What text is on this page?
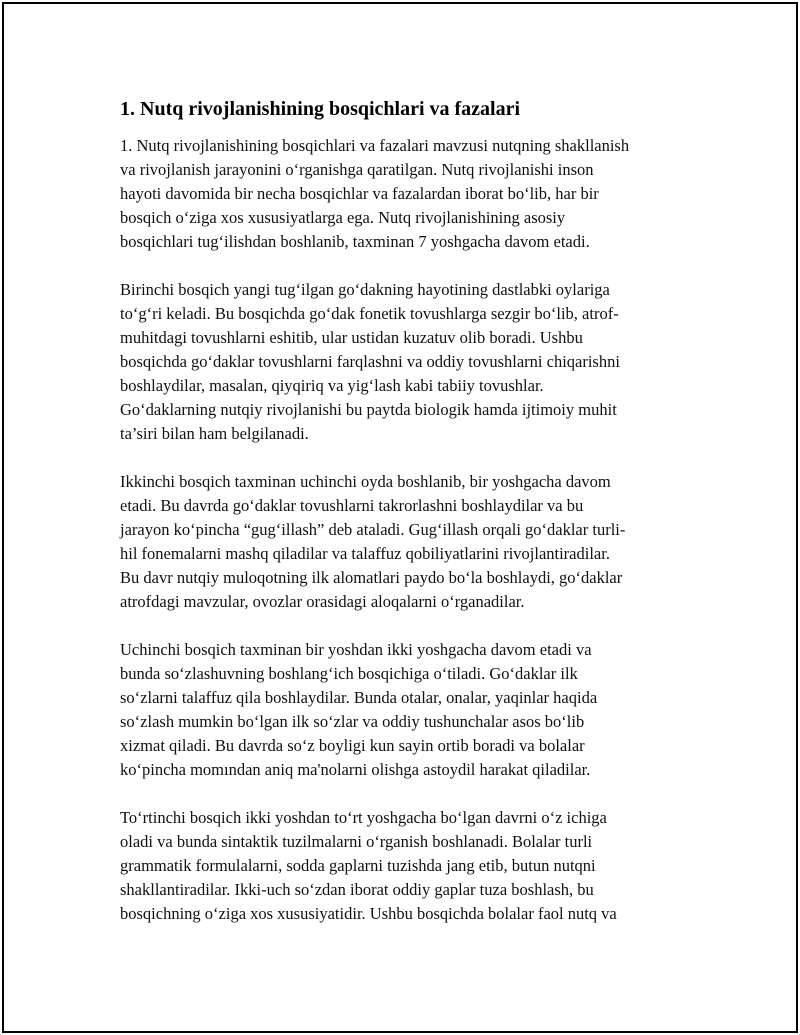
1. Nutq rivojlanishining bosqichlari va fazalari

1. Nutq rivojlanishining bosqichlari va fazalari mavzusi nutqning shakllanish
va rivojlanish jarayonini o‘rganishga qaratilgan. Nutq rivojlanishi inson
hayoti davomida bir necha bosqichlar va fazalardan iborat bo‘lib, har bir
bosqich o‘ziga xos xususiyatlarga ega. Nutq rivojlanishining asosiy
bosqichlari tug‘ilishdan boshlanib, taxminan 7 yoshgacha davom etadi.

Birinchi bosqich yangi tug‘ilgan go‘dakning hayotining dastlabki oylariga
to‘g‘ri keladi. Bu bosqichda go‘dak fonetik tovushlarga sezgir bo‘lib, atrof-
muhitdagi tovushlarni eshitib, ular ustidan kuzatuv olib boradi. Ushbu
bosqichda go‘daklar tovushlarni farqlashni va oddiy tovushlarni chiqarishni
boshlaydilar, masalan, qiyqiriq va yig‘lash kabi tabiiy tovushlar.
Go‘daklarning nutqiy rivojlanishi bu paytda biologik hamda ijtimoiy muhit
ta’siri bilan ham belgilanadi.

Ikkinchi bosqich taxminan uchinchi oyda boshlanib, bir yoshgacha davom
etadi. Bu davrda go‘daklar tovushlarni takrorlashni boshlaydilar va bu
jarayon ko‘pincha “gug‘illash” deb ataladi. Gug‘illash orqali go‘daklar turli-
hil fonemalarni mashq qiladilar va talaffuz qobiliyatlarini rivojlantiradilar.
Bu davr nutqiy muloqotning ilk alomatlari paydo bo‘la boshlaydi, go‘daklar
atrofdagi mavzular, ovozlar orasidagi aloqalarni o‘rganadilar.

Uchinchi bosqich taxminan bir yoshdan ikki yoshgacha davom etadi va
bunda so‘zlashuvning boshlang‘ich bosqichiga o‘tiladi. Go‘daklar ilk
so‘zlarni talaffuz qila boshlaydilar. Bunda otalar, onalar, yaqinlar haqida
so‘zlash mumkin bo‘lgan ilk so‘zlar va oddiy tushunchalar asos bo‘lib
xizmat qiladi. Bu davrda so‘z boyligi kun sayin ortib boradi va bolalar
ko‘pincha momından aniq ma'nolarni olishga astoydil harakat qiladilar.

To‘rtinchi bosqich ikki yoshdan to‘rt yoshgacha bo‘lgan davrni o‘z ichiga
oladi va bunda sintaktik tuzilmalarni o‘rganish boshlanadi. Bolalar turli
grammatik formulalarni, sodda gaplarni tuzishda jang etib, butun nutqni
shakllantiradilar. Ikki-uch so‘zdan iborat oddiy gaplar tuza boshlash, bu
bosqichning o‘ziga xos xususiyatidir. Ushbu bosqichda bolalar faol nutq va
